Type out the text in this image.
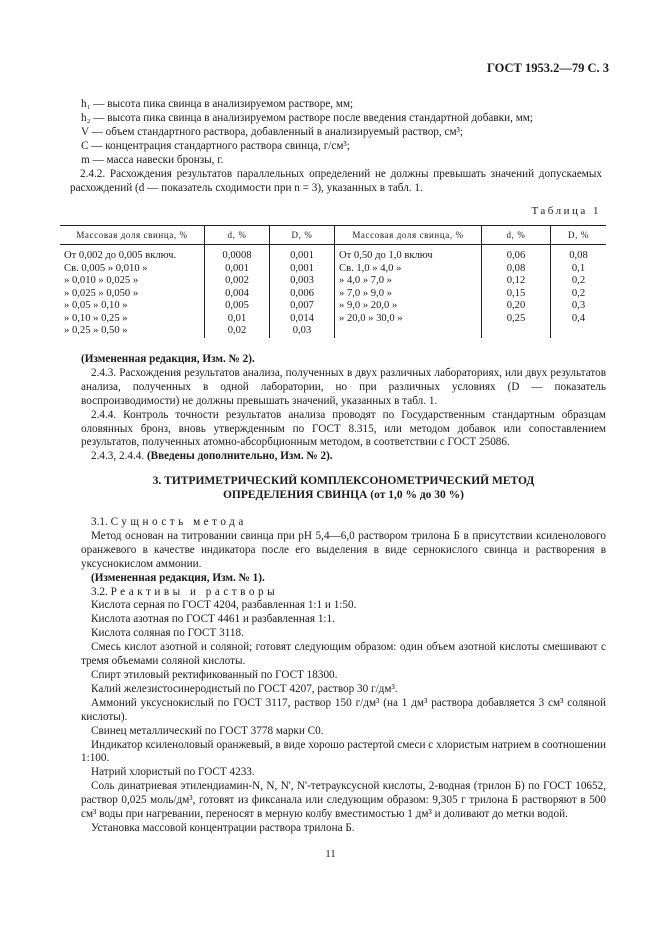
ГОСТ 1953.2—79 С. 3

h₁ — высота пика свинца в анализируемом растворе, мм;

h₂ — высота пика свинца в анализируемом растворе после введения стандартной добавки, мм;

V — объем стандартного раствора, добавленный в анализируемый раствор, см³;

C — концентрация стандартного раствора свинца, г/см³;

m — масса навески бронзы, г.

2.4.2. Расхождения результатов параллельных определений не должны превышать значений допускаемых расхождений (d — показатель сходимости при n = 3), указанных в табл. 1.

Таблица 1
Массовая доля свинца, %	d, %	D, %	Массовая доля свинца, %	d, %	D, %
От 0,002 до 0,005 включ.	0,0008	0,001	От 0,50 до 1,0 включ	0,06	0,08
Св. 0,005 » 0,010 »	0,001	0,001	Св. 1,0 » 4,0 »	0,08	0,1
» 0,010 » 0,025 »	0,002	0,003	» 4,0 » 7,0 »	0,12	0,2
» 0,025 » 0,050 »	0,004	0,006	» 7,0 » 9,0 »	0,15	0,2
» 0,05 » 0,10 »	0,005	0,007	» 9,0 » 20,0 »	0,20	0,3
» 0,10 » 0,25 »	0,01	0,014	» 20,0 » 30,0 »	0,25	0,4
» 0,25 » 0,50 »	0,02	0,03			

(Измененная редакция, Изм. № 2).

2.4.3. Расхождения результатов анализа, полученных в двух различных лабораториях, или двух результатов анализа, полученных в одной лаборатории, но при различных условиях (D — показатель воспроизводимости) не должны превышать значений, указанных в табл. 1.

2.4.4. Контроль точности результатов анализа проводят по Государственным стандартным образцам оловянных бронз, вновь утвержденным по ГОСТ 8.315, или методом добавок или сопоставлением результатов, полученных атомно-абсорбционным методом, в соответствии с ГОСТ 25086.

2.4.3, 2.4.4. (Введены дополнительно, Изм. № 2).

3. ТИТРИМЕТРИЧЕСКИЙ КОМПЛЕКСОНОМЕТРИЧЕСКИЙ МЕТОД

ОПРЕДЕЛЕНИЯ СВИНЦА (от 1,0 % до 30 %)

3.1. Сущность метода

Метод основан на титровании свинца при pH 5,4—6,0 раствором трилона Б в присутствии ксиленолового оранжевого в качестве индикатора после его выделения в виде сернокислого свинца и растворения в уксуснокислом аммонии.

(Измененная редакция, Изм. № 1).

3.2. Реактивы и растворы

Кислота серная по ГОСТ 4204, разбавленная 1:1 и 1:50.

Кислота азотная по ГОСТ 4461 и разбавленная 1:1.

Кислота соляная по ГОСТ 3118.

Смесь кислот азотной и соляной; готовят следующим образом: один объем азотной кислоты смешивают с тремя объемами соляной кислоты.

Спирт этиловый ректификованный по ГОСТ 18300.

Калий железистосинеродистый по ГОСТ 4207, раствор 30 г/дм³.

Аммоний уксуснокислый по ГОСТ 3117, раствор 150 г/дм³ (на 1 дм³ раствора добавляется 3 см³ соляной кислоты).

Свинец металлический по ГОСТ 3778 марки С0.

Индикатор ксиленоловый оранжевый, в виде хорошо растертой смеси с хлористым натрием в соотношении 1:100.

Натрий хлористый по ГОСТ 4233.

Соль динатриевая этилендиамин-N, N, N', N'-тетрауксусной кислоты, 2-водная (трилон Б) по ГОСТ 10652, раствор 0,025 моль/дм³, готовят из фиксанала или следующим образом: 9,305 г трилона Б растворяют в 500 см³ воды при нагревании, переносят в мерную колбу вместимостью 1 дм³ и доливают до метки водой.

Установка массовой концентрации раствора трилона Б.

11
